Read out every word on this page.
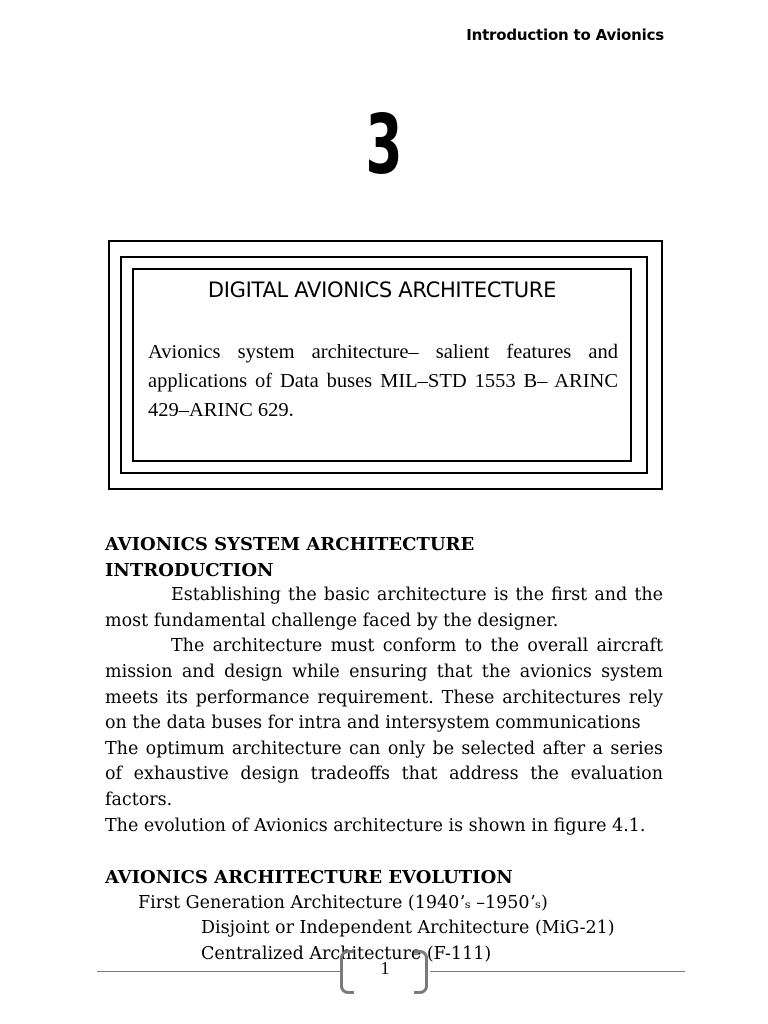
Introduction to Avionics
3
DIGITAL AVIONICS ARCHITECTURE

Avionics system architecture– salient features and applications of Data buses MIL–STD 1553 B– ARINC 429–ARINC 629.

AVIONICS SYSTEM ARCHITECTURE
INTRODUCTION

Establishing the basic architecture is the first and the most fundamental challenge faced by the designer.

The architecture must conform to the overall aircraft mission and design while ensuring that the avionics system meets its performance requirement. These architectures rely on the data buses for intra and intersystem communications

The optimum architecture can only be selected after a series of exhaustive design tradeoffs that address the evaluation factors.

The evolution of Avionics architecture is shown in figure 4.1.

AVIONICS ARCHITECTURE EVOLUTION
First Generation Architecture (1940ʼₛ –1950ʼₛ)
Disjoint or Independent Architecture (MiG-21)
Centralized Architecture (F-111)
1
